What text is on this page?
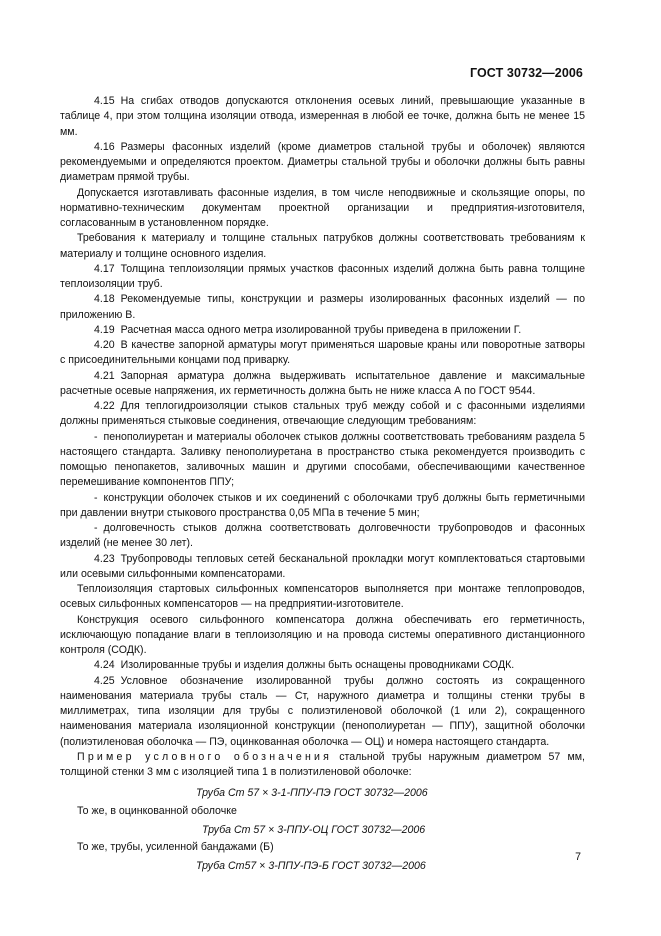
ГОСТ 30732—2006

4.15 На сгибах отводов допускаются отклонения осевых линий, превышающие указанные в таблице 4, при этом толщина изоляции отвода, измеренная в любой ее точке, должна быть не менее 15 мм.

4.16 Размеры фасонных изделий (кроме диаметров стальной трубы и оболочек) являются рекомендуемыми и определяются проектом. Диаметры стальной трубы и оболочки должны быть равны диаметрам прямой трубы.

Допускается изготавливать фасонные изделия, в том числе неподвижные и скользящие опоры, по нормативно-техническим документам проектной организации и предприятия-изготовителя, согласованным в установленном порядке.

Требования к материалу и толщине стальных патрубков должны соответствовать требованиям к материалу и толщине основного изделия.

4.17 Толщина теплоизоляции прямых участков фасонных изделий должна быть равна толщине теплоизоляции труб.

4.18 Рекомендуемые типы, конструкции и размеры изолированных фасонных изделий — по приложению В.

4.19 Расчетная масса одного метра изолированной трубы приведена в приложении Г.

4.20 В качестве запорной арматуры могут применяться шаровые краны или поворотные затворы с присоединительными концами под приварку.

4.21 Запорная арматура должна выдерживать испытательное давление и максимальные расчетные осевые напряжения, их герметичность должна быть не ниже класса А по ГОСТ 9544.

4.22 Для теплогидроизоляции стыков стальных труб между собой и с фасонными изделиями должны применяться стыковые соединения, отвечающие следующим требованиям:

- пенополиуретан и материалы оболочек стыков должны соответствовать требованиям раздела 5 настоящего стандарта. Заливку пенополиуретана в пространство стыка рекомендуется производить с помощью пенопакетов, заливочных машин и другими способами, обеспечивающими качественное перемешивание компонентов ППУ;

- конструкции оболочек стыков и их соединений с оболочками труб должны быть герметичными при давлении внутри стыкового пространства 0,05 МПа в течение 5 мин;

- долговечность стыков должна соответствовать долговечности трубопроводов и фасонных изделий (не менее 30 лет).

4.23 Трубопроводы тепловых сетей бесканальной прокладки могут комплектоваться стартовыми или осевыми сильфонными компенсаторами.

Теплоизоляция стартовых сильфонных компенсаторов выполняется при монтаже теплопроводов, осевых сильфонных компенсаторов — на предприятии-изготовителе.

Конструкция осевого сильфонного компенсатора должна обеспечивать его герметичность, исключающую попадание влаги в теплоизоляцию и на провода системы оперативного дистанционного контроля (СОДК).

4.24 Изолированные трубы и изделия должны быть оснащены проводниками СОДК.

4.25 Условное обозначение изолированной трубы должно состоять из сокращенного наименования материала трубы сталь — Ст, наружного диаметра и толщины стенки трубы в миллиметрах, типа изоляции для трубы с полиэтиленовой оболочкой (1 или 2), сокращенного наименования материала изоляционной конструкции (пенополиуретан — ППУ), защитной оболочки (полиэтиленовая оболочка — ПЭ, оцинкованная оболочка — ОЦ) и номера настоящего стандарта.

Пример условного обозначения стальной трубы наружным диаметром 57 мм, толщиной стенки 3 мм с изоляцией типа 1 в полиэтиленовой оболочке:

Труба Ст 57 × 3-1-ППУ-ПЭ ГОСТ 30732—2006

То же, в оцинкованной оболочке

Труба Ст 57 × 3-ППУ-ОЦ ГОСТ 30732—2006

То же, трубы, усиленной бандажами (Б)

Труба Ст57 × 3-ППУ-ПЭ-Б ГОСТ 30732—2006

7
